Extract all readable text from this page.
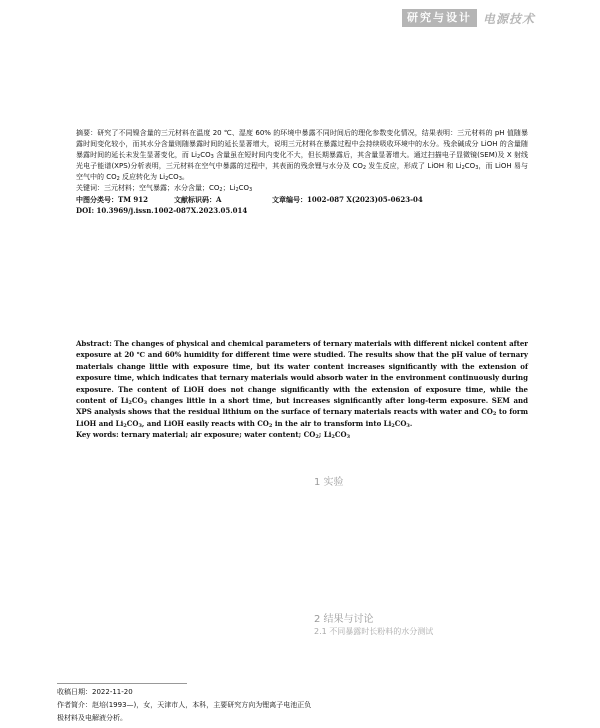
研究与设计 电源技术

摘要：研究了不同镍含量的三元材料在温度 20 ℃、湿度 60% 的环境中暴露不同时间后的理化参数变化情况，结果表明：三元材料的 pH 值随暴露时间变化较小，而其水分含量则随暴露时间的延长显著增大，说明三元材料在暴露过程中会持续吸收环境中的水分。残余碱成分 LiOH 的含量随暴露时间的延长未发生显著变化，而 $Li_2CO_3$ 含量虽在短时间内变化不大，但长期暴露后，其含量显著增大。通过扫描电子显微镜(SEM)及 X 射线光电子能谱(XPS)分析表明，三元材料在空气中暴露的过程中，其表面的残余锂与水分及 $CO_2$ 发生反应，形成了 LiOH 和 $Li_2CO_3$，而 LiOH 易与空气中的 $CO_2$ 反应转化为 $Li_2CO_3$。

关键词：三元材料；空气暴露；水分含量；$CO_2$；$Li_2CO_3$

中图分类号：TM 912	文献标识码：A	文章编号：1002-087 X(2023)05-0623-04

DOI: 10.3969/j.issn.1002-087X.2023.05.014

Abstract: The changes of physical and chemical parameters of ternary materials with different nickel content after exposure at 20 ℃ and 60% humidity for different time were studied. The results show that the pH value of ternary materials change little with exposure time, but its water content increases significantly with the extension of exposure time, which indicates that ternary materials would absorb water in the environment continuously during exposure. The content of LiOH does not change significantly with the extension of exposure time, while the content of $Li_2CO_3$ changes little in a short time, but increases significantly after long-term exposure. SEM and XPS analysis shows that the residual lithium on the surface of ternary materials reacts with water and $CO_2$ to form LiOH and $Li_2CO_3$, and LiOH easily reacts with $CO_2$ in the air to transform into $Li_2CO_3$.

Key words: ternary material; air exposure; water content; $CO_2$; $Li_2CO_3$

1 实验
2 结果与讨论
2.1 不同暴露时长粉料的水分测试

收稿日期：2022-11-20

作者简介：赵培(1993—)，女，天津市人，本科，主要研究方向为锂离子电池正负极材料及电解液分析。
